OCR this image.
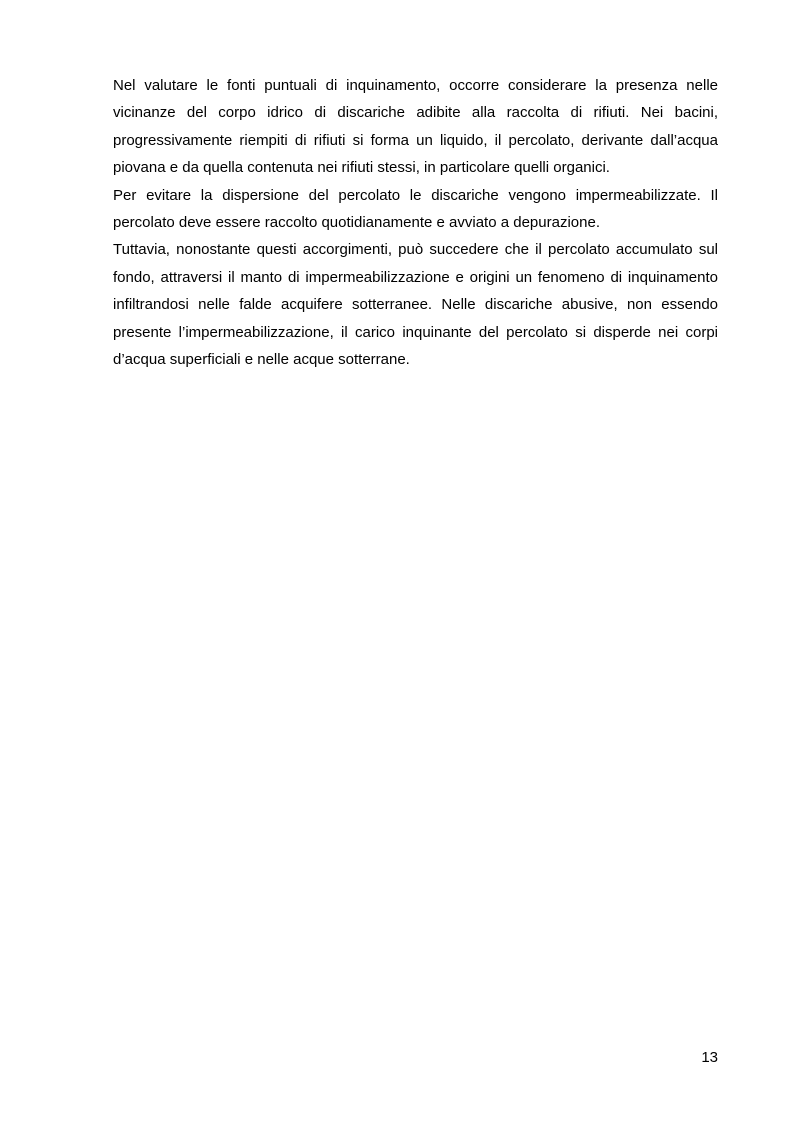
Nel valutare le fonti puntuali di inquinamento, occorre considerare la presenza nelle vicinanze del corpo idrico di discariche adibite alla raccolta di rifiuti. Nei bacini, progressivamente riempiti di rifiuti si forma un liquido, il percolato, derivante dall’acqua piovana e da quella contenuta nei rifiuti stessi, in particolare quelli organici.

Per evitare la dispersione del percolato le discariche vengono impermeabilizzate. Il percolato deve essere raccolto quotidianamente e avviato a depurazione.

Tuttavia, nonostante questi accorgimenti, può succedere che il percolato accumulato sul fondo, attraversi il manto di impermeabilizzazione e origini un fenomeno di inquinamento infiltrandosi nelle falde acquifere sotterranee. Nelle discariche abusive, non essendo presente l’impermeabilizzazione, il carico inquinante del percolato si disperde nei corpi d’acqua superficiali e nelle acque sotterrane.

13
